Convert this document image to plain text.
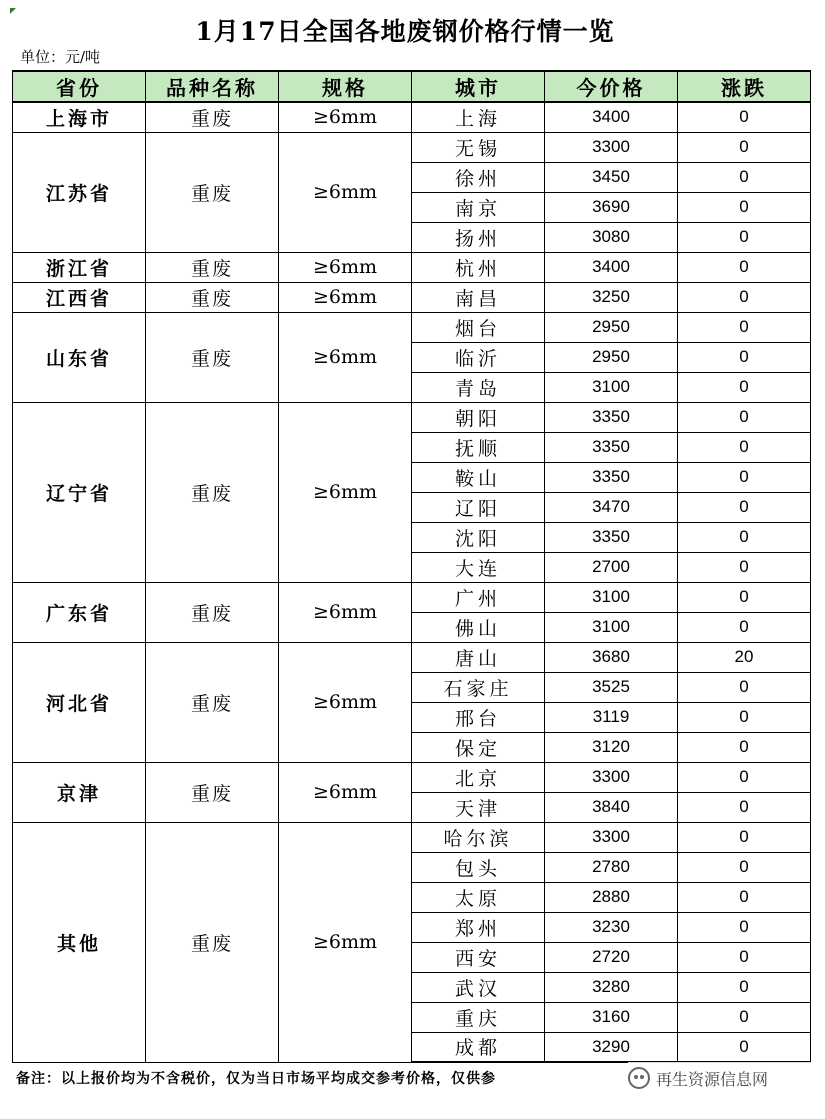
1月17日全国各地废钢价格行情一览
单位：元/吨
省份	品种名称	规格	城市	今价格	涨跌
上海市	重废	≥6mm	上海	3400	0
江苏省	重废	≥6mm	无锡	3300	0
			徐州	3450	0
			南京	3690	0
			扬州	3080	0
浙江省	重废	≥6mm	杭州	3400	0
江西省	重废	≥6mm	南昌	3250	0
山东省	重废	≥6mm	烟台	2950	0
			临沂	2950	0
			青岛	3100	0
辽宁省	重废	≥6mm	朝阳	3350	0
			抚顺	3350	0
			鞍山	3350	0
			辽阳	3470	0
			沈阳	3350	0
			大连	2700	0
广东省	重废	≥6mm	广州	3100	0
			佛山	3100	0
河北省	重废	≥6mm	唐山	3680	20
			石家庄	3525	0
			邢台	3119	0
			保定	3120	0
京津	重废	≥6mm	北京	3300	0
			天津	3840	0
其他	重废	≥6mm	哈尔滨	3300	0
			包头	2780	0
			太原	2880	0
			郑州	3230	0
			西安	2720	0
			武汉	3280	0
			重庆	3160	0
			成都	3290	0
备注：以上报价均为不含税价，仅为当日市场平均成交参考价格，仅供参	再生资源信息网
